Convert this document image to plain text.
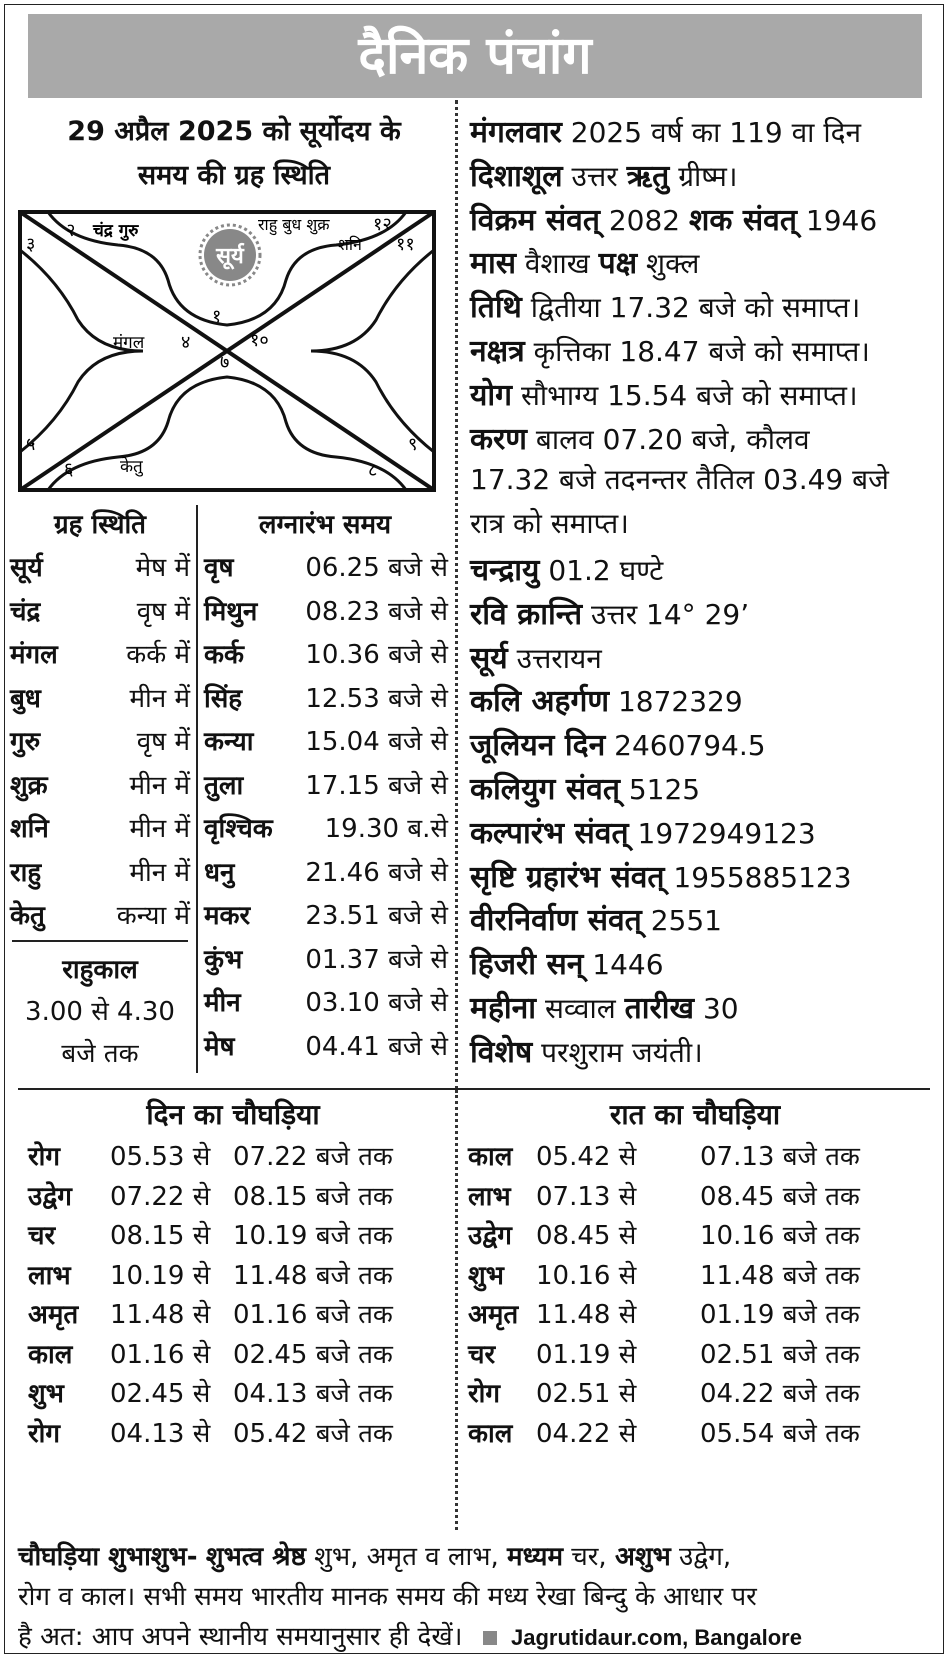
दैनिक पंचांग
29 अप्रैल 2025 को सूर्योदय के
समय की ग्रह स्थिति
सूर्य
२ चंद्र गुरु
३
राहु बुध शुक्र १२
शनि ११
१
मंगल ४	१०
७
५
६	केतु	८
९
ग्रह स्थिति
सूर्य	मेष में
चंद्र	वृष में
मंगल	कर्क में
बुध	मीन में
गुरु	वृष में
शुक्र	मीन में
शनि	मीन में
राहु	मीन में
केतु	कन्या में
राहुकाल
3.00 से 4.30
बजे तक
लग्नारंभ समय
वृष	06.25 बजे से
मिथुन	08.23 बजे से
कर्क	10.36 बजे से
सिंह	12.53 बजे से
कन्या	15.04 बजे से
तुला	17.15 बजे से
वृश्चिक	19.30 ब.से
धनु	21.46 बजे से
मकर	23.51 बजे से
कुंभ	01.37 बजे से
मीन	03.10 बजे से
मेष	04.41 बजे से
मंगलवार 2025 वर्ष का 119 वा दिन
दिशाशूल उत्तर ऋतु ग्रीष्म।
विक्रम संवत् 2082 शक संवत् 1946
मास वैशाख पक्ष शुक्ल
तिथि द्वितीया 17.32 बजे को समाप्त।
नक्षत्र कृत्तिका 18.47 बजे को समाप्त।
योग सौभाग्य 15.54 बजे को समाप्त।
करण बालव 07.20 बजे, कौलव
17.32 बजे तदनन्तर तैतिल 03.49 बजे
रात्र को समाप्त।
चन्द्रायु 01.2 घण्टे
रवि क्रान्ति उत्तर 14° 29’
सूर्य उत्तरायन
कलि अहर्गण 1872329
जूलियन दिन 2460794.5
कलियुग संवत् 5125
कल्पारंभ संवत् 1972949123
सृष्टि ग्रहारंभ संवत् 1955885123
वीरनिर्वाण संवत् 2551
हिजरी सन् 1446
महीना सव्वाल तारीख 30
विशेष परशुराम जयंती।
दिन का चौघड़िया	रात का चौघड़िया
रोग 05.53 से 07.22 बजे तक
उद्वेग 07.22 से 08.15 बजे तक
चर 08.15 से 10.19 बजे तक
लाभ 10.19 से 11.48 बजे तक
अमृत 11.48 से 01.16 बजे तक
काल 01.16 से 02.45 बजे तक
शुभ 02.45 से 04.13 बजे तक
रोग 04.13 से 05.42 बजे तक
काल 05.42 से 07.13 बजे तक
लाभ 07.13 से 08.45 बजे तक
उद्वेग 08.45 से 10.16 बजे तक
शुभ 10.16 से 11.48 बजे तक
अमृत 11.48 से 01.19 बजे तक
चर 01.19 से 02.51 बजे तक
रोग 02.51 से 04.22 बजे तक
काल 04.22 से 05.54 बजे तक
चौघड़िया शुभाशुभ- शुभत्व श्रेष्ठ शुभ, अमृत व लाभ, मध्यम चर, अशुभ उद्वेग,
रोग व काल। सभी समय भारतीय मानक समय की मध्य रेखा बिन्दु के आधार पर
है अत: आप अपने स्थानीय समयानुसार ही देखें। Jagrutidaur.com, Bangalore
